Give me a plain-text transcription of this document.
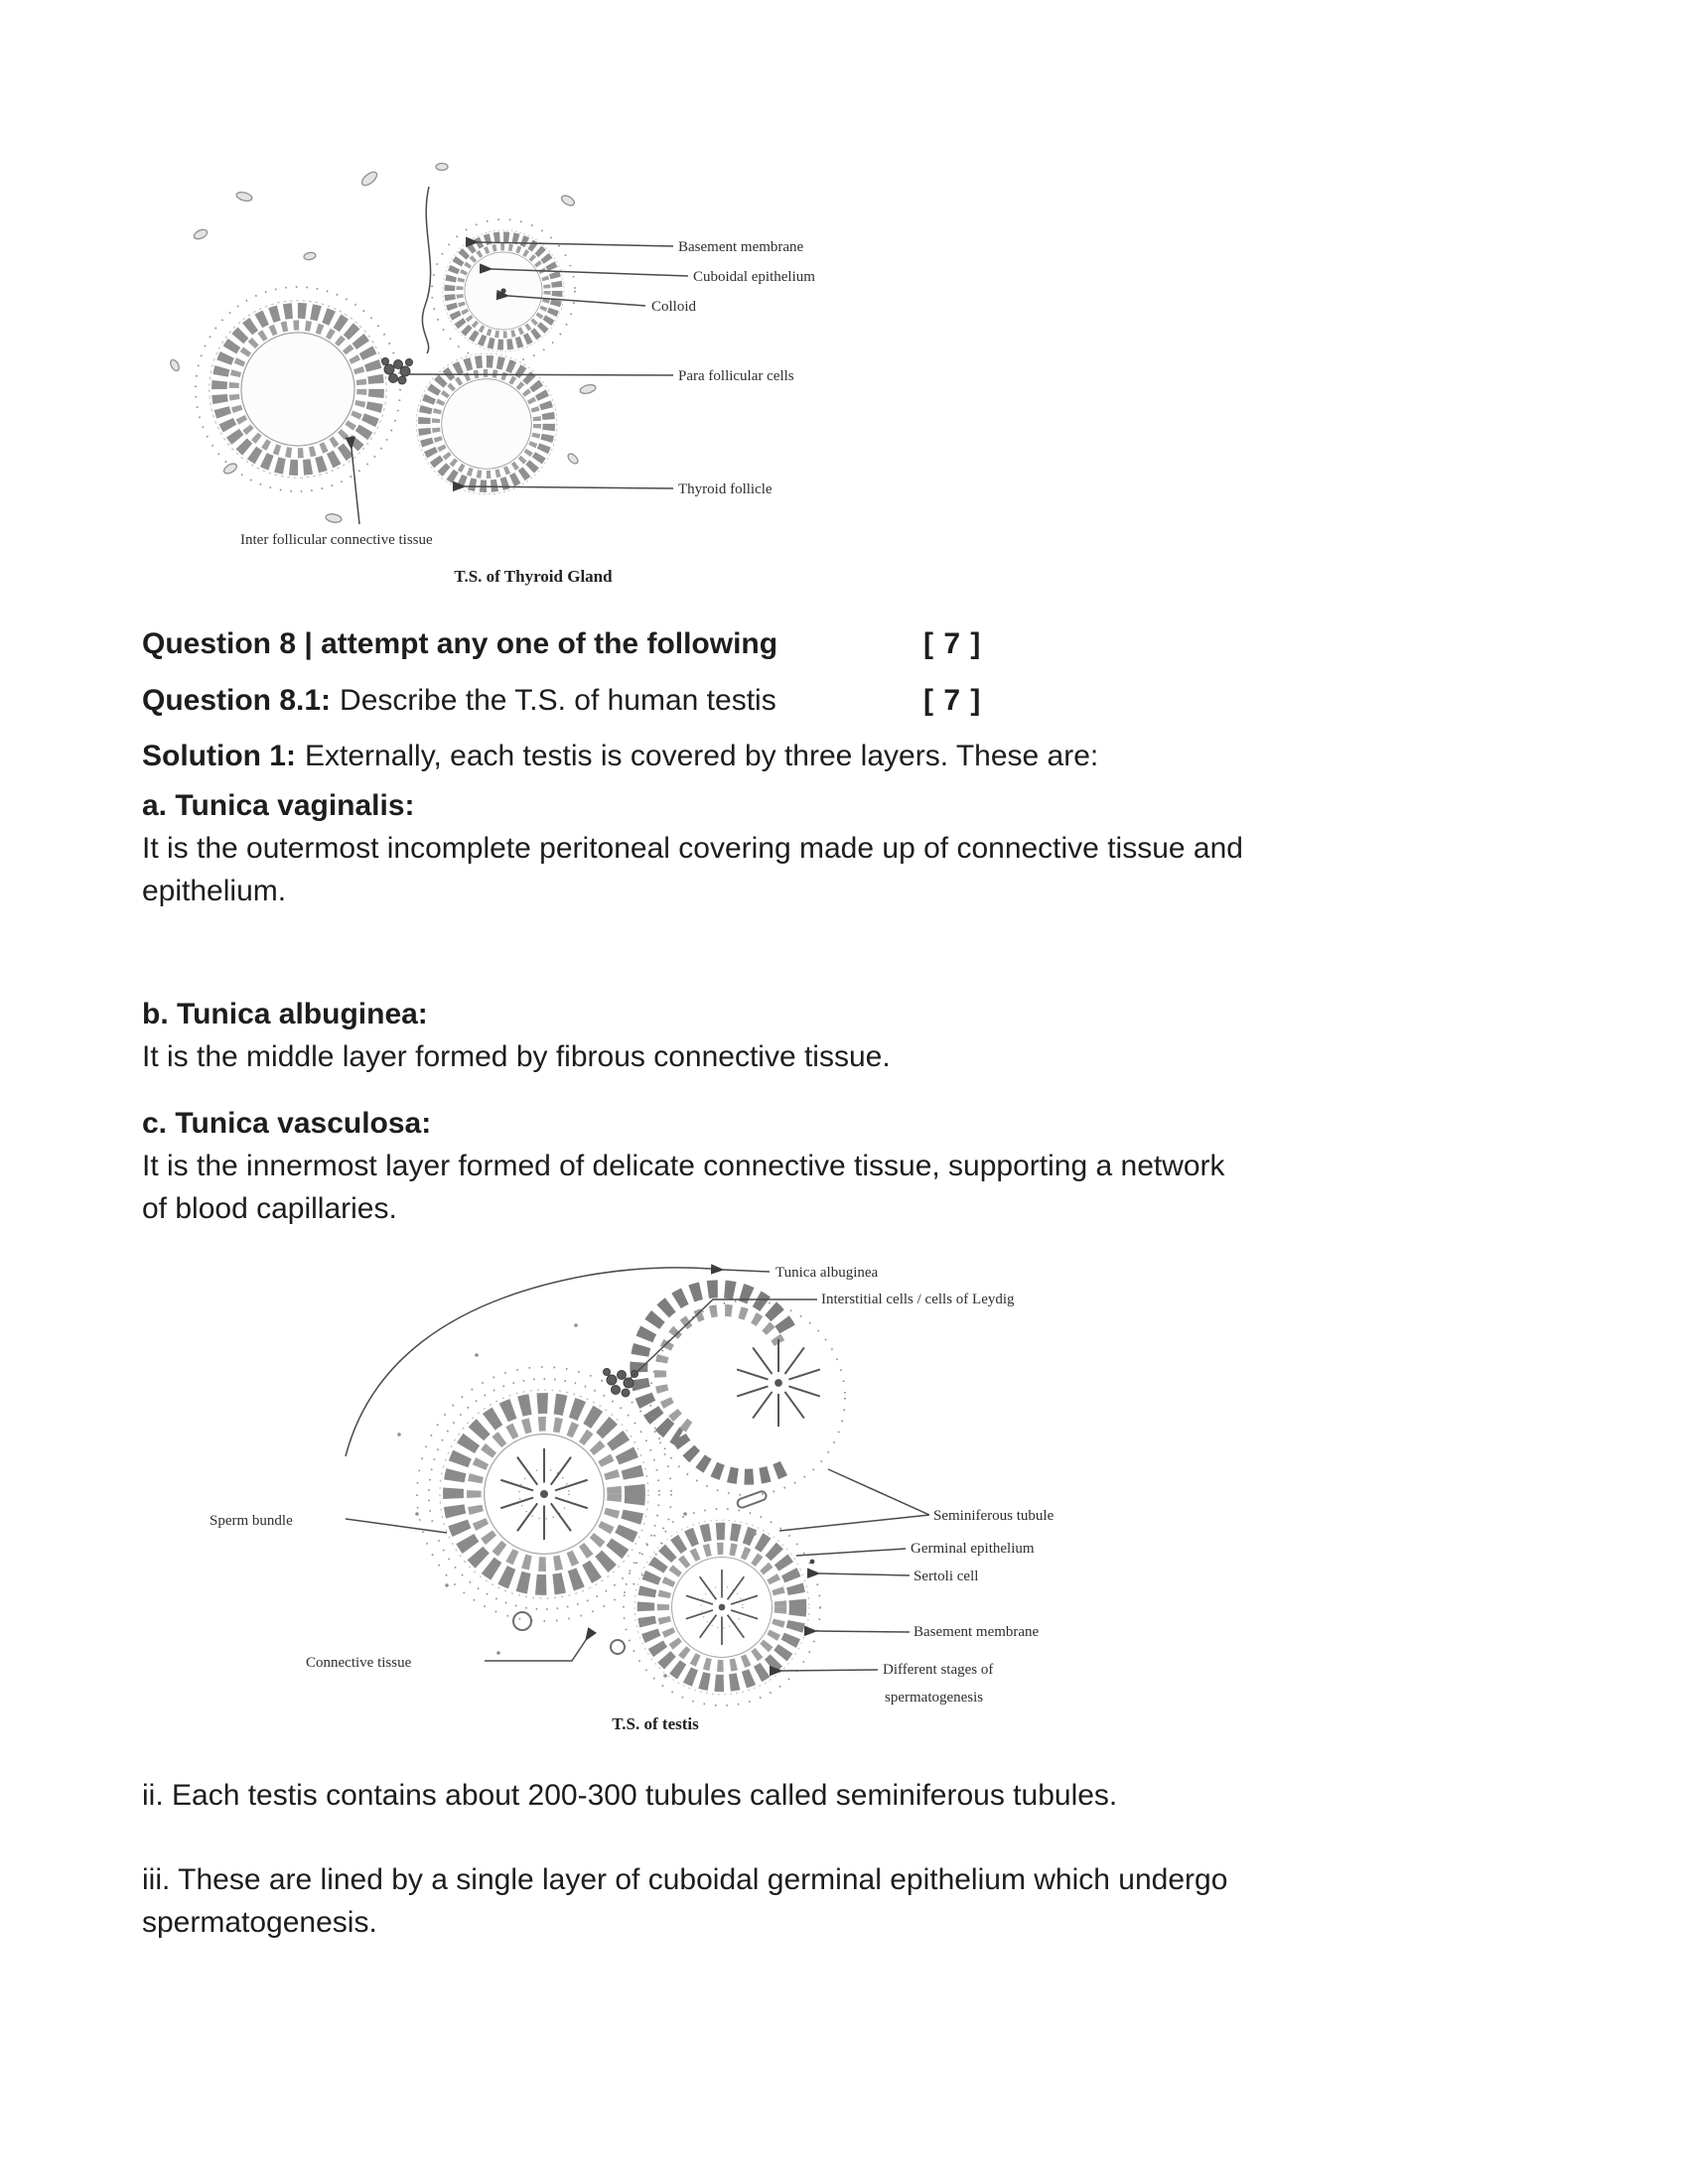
Basement membrane
Cuboidal epithelium
Colloid
Para follicular cells
Thyroid follicle
Inter follicular connective tissue
T.S. of Thyroid Gland
Question 8 | attempt any one of the following	[ 7 ]
Question 8.1: Describe the T.S. of human testis	[ 7 ]
Solution 1: Externally, each testis is covered by three layers. These are:
a. Tunica vaginalis:
It is the outermost incomplete peritoneal covering made up of connective tissue and
epithelium.
b. Tunica albuginea:
It is the middle layer formed by fibrous connective tissue.
c. Tunica vasculosa:
It is the innermost layer formed of delicate connective tissue, supporting a network
of blood capillaries.
Tunica albuginea
Interstitial cells / cells of Leydig
Sperm bundle	Seminiferous tubule
Germinal epithelium
Sertoli cell
Basement membrane
Different stages of
spermatogenesis
Connective tissue
T.S. of testis
ii. Each testis contains about 200-300 tubules called seminiferous tubules.
iii. These are lined by a single layer of cuboidal germinal epithelium which undergo
spermatogenesis.
